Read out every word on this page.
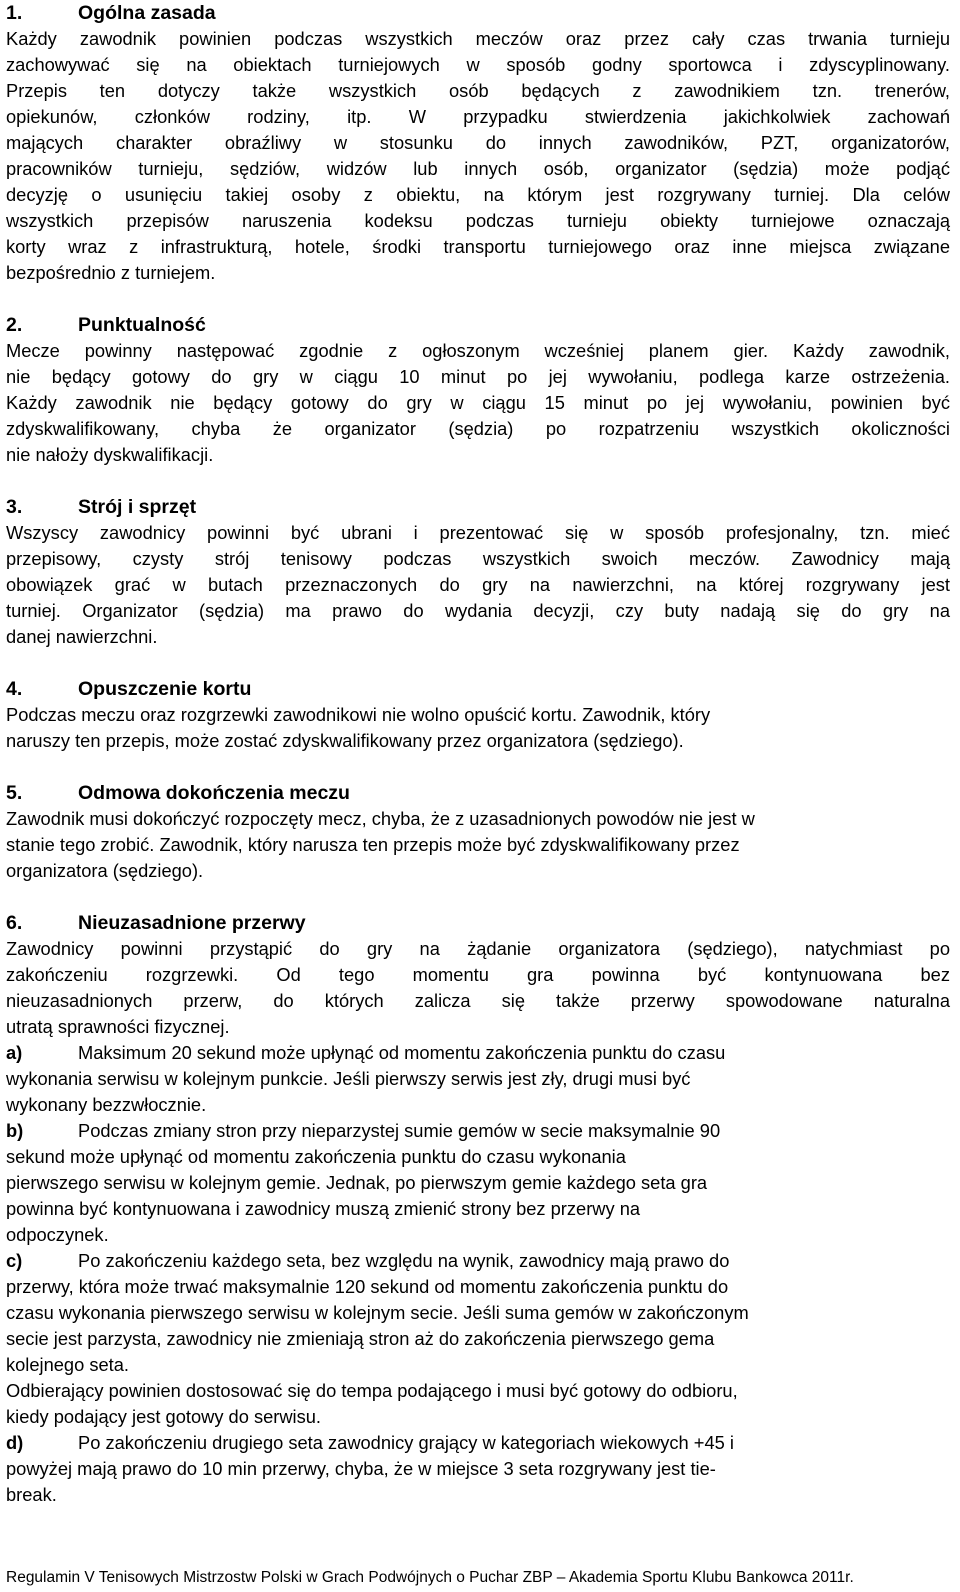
1.	Ogólna zasada
Każdy zawodnik powinien podczas wszystkich meczów oraz przez cały czas trwania turnieju
zachowywać się na obiektach turniejowych w sposób godny sportowca i zdyscyplinowany.
Przepis ten dotyczy także wszystkich osób będących z zawodnikiem tzn. trenerów,
opiekunów, członków rodziny, itp. W przypadku stwierdzenia jakichkolwiek zachowań
mających charakter obraźliwy w stosunku do innych zawodników, PZT, organizatorów,
pracowników turnieju, sędziów, widzów lub innych osób, organizator (sędzia) może podjąć
decyzję o usunięciu takiej osoby z obiektu, na którym jest rozgrywany turniej. Dla celów
wszystkich przepisów naruszenia kodeksu podczas turnieju obiekty turniejowe oznaczają
korty wraz z infrastrukturą, hotele, środki transportu turniejowego oraz inne miejsca związane
bezpośrednio z turniejem.
2.	Punktualność
Mecze powinny następować zgodnie z ogłoszonym wcześniej planem gier. Każdy zawodnik,
nie będący gotowy do gry w ciągu 10 minut po jej wywołaniu, podlega karze ostrzeżenia.
Każdy zawodnik nie będący gotowy do gry w ciągu 15 minut po jej wywołaniu, powinien być
zdyskwalifikowany, chyba że organizator (sędzia) po rozpatrzeniu wszystkich okoliczności
nie nałoży dyskwalifikacji.
3.	Strój i sprzęt
Wszyscy zawodnicy powinni być ubrani i prezentować się w sposób profesjonalny, tzn. mieć
przepisowy, czysty strój tenisowy podczas wszystkich swoich meczów. Zawodnicy mają
obowiązek grać w butach przeznaczonych do gry na nawierzchni, na której rozgrywany jest
turniej. Organizator (sędzia) ma prawo do wydania decyzji, czy buty nadają się do gry na
danej nawierzchni.
4.	Opuszczenie kortu
Podczas meczu oraz rozgrzewki zawodnikowi nie wolno opuścić kortu. Zawodnik, który
naruszy ten przepis, może zostać zdyskwalifikowany przez organizatora (sędziego).
5.	Odmowa dokończenia meczu
Zawodnik musi dokończyć rozpoczęty mecz, chyba, że z uzasadnionych powodów nie jest w
stanie tego zrobić. Zawodnik, który narusza ten przepis może być zdyskwalifikowany przez
organizatora (sędziego).
6.	Nieuzasadnione przerwy
Zawodnicy powinni przystąpić do gry na żądanie organizatora (sędziego), natychmiast po
zakończeniu rozgrzewki. Od tego momentu gra powinna być kontynuowana bez
nieuzasadnionych przerw, do których zalicza się także przerwy spowodowane naturalna
utratą sprawności fizycznej.
a)	Maksimum 20 sekund może upłynąć od momentu zakończenia punktu do czasu
wykonania serwisu w kolejnym punkcie. Jeśli pierwszy serwis jest zły, drugi musi być
wykonany bezzwłocznie.
b)	Podczas zmiany stron przy nieparzystej sumie gemów w secie maksymalnie 90
sekund może upłynąć od momentu zakończenia punktu do czasu wykonania
pierwszego serwisu w kolejnym gemie. Jednak, po pierwszym gemie każdego seta gra
powinna być kontynuowana i zawodnicy muszą zmienić strony bez przerwy na
odpoczynek.
c)	Po zakończeniu każdego seta, bez względu na wynik, zawodnicy mają prawo do
przerwy, która może trwać maksymalnie 120 sekund od momentu zakończenia punktu do
czasu wykonania pierwszego serwisu w kolejnym secie. Jeśli suma gemów w zakończonym
secie jest parzysta, zawodnicy nie zmieniają stron aż do zakończenia pierwszego gema
kolejnego seta.
Odbierający powinien dostosować się do tempa podającego i musi być gotowy do odbioru,
kiedy podający jest gotowy do serwisu.
d)	Po zakończeniu drugiego seta zawodnicy grający w kategoriach wiekowych +45 i
powyżej mają prawo do 10 min przerwy, chyba, że w miejsce 3 seta rozgrywany jest tie-
break.
Regulamin V Tenisowych Mistrzostw Polski w Grach Podwójnych o Puchar ZBP – Akademia Sportu Klubu Bankowca 2011r.
